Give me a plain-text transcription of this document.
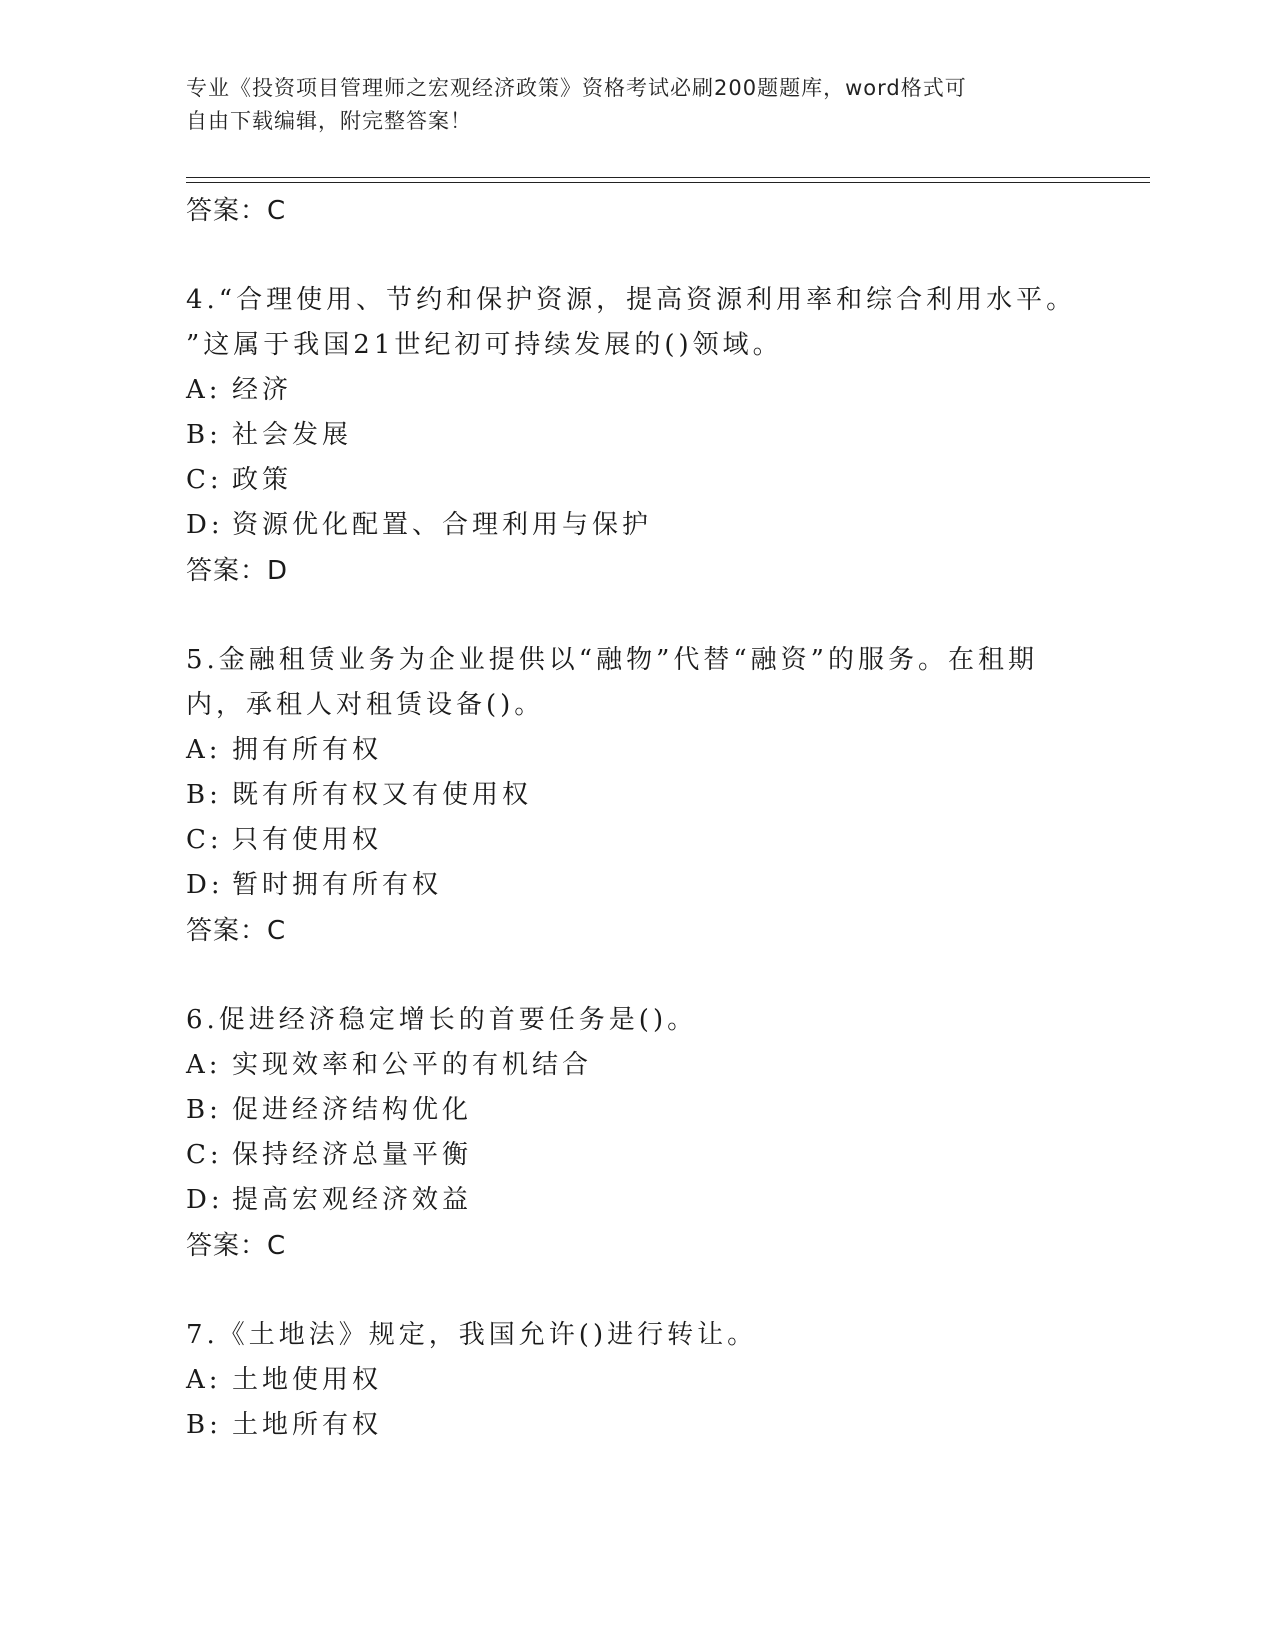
专业《投资项目管理师之宏观经济政策》资格考试必刷200题题库，word格式可
自由下载编辑，附完整答案！
答案：C
4.“合理使用、节约和保护资源，提高资源利用率和综合利用水平。
”这属于我国21世纪初可持续发展的()领域。
A: 经济
B: 社会发展
C: 政策
D: 资源优化配置、合理利用与保护
答案：D
5.金融租赁业务为企业提供以“融物”代替“融资”的服务。在租期
内，承租人对租赁设备()。
A: 拥有所有权
B: 既有所有权又有使用权
C: 只有使用权
D: 暂时拥有所有权
答案：C
6.促进经济稳定增长的首要任务是()。
A: 实现效率和公平的有机结合
B: 促进经济结构优化
C: 保持经济总量平衡
D: 提高宏观经济效益
答案：C
7.《土地法》规定，我国允许()进行转让。
A: 土地使用权
B: 土地所有权
